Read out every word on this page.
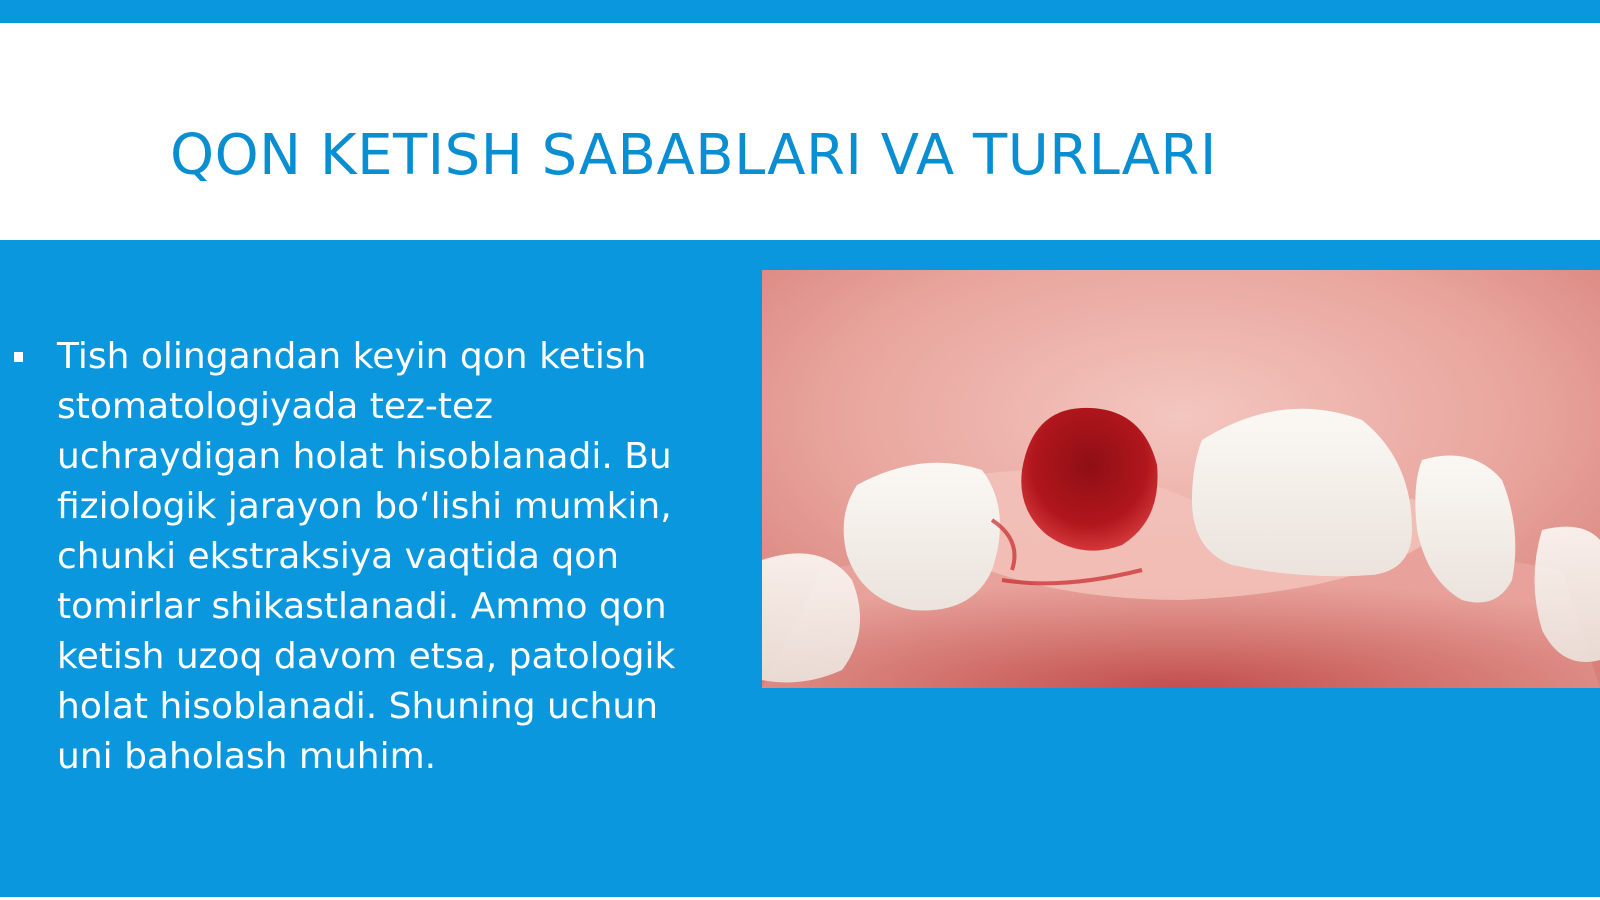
QON KETISH SABABLARI VA TURLARI
Tish olingandan keyin qon ketish stomatologiyada tez-tez uchraydigan holat hisoblanadi. Bu fiziologik jarayon bo‘lishi mumkin, chunki ekstraksiya vaqtida qon tomirlar shikastlanadi. Ammo qon ketish uzoq davom etsa, patologik holat hisoblanadi. Shuning uchun uni baholash muhim.
